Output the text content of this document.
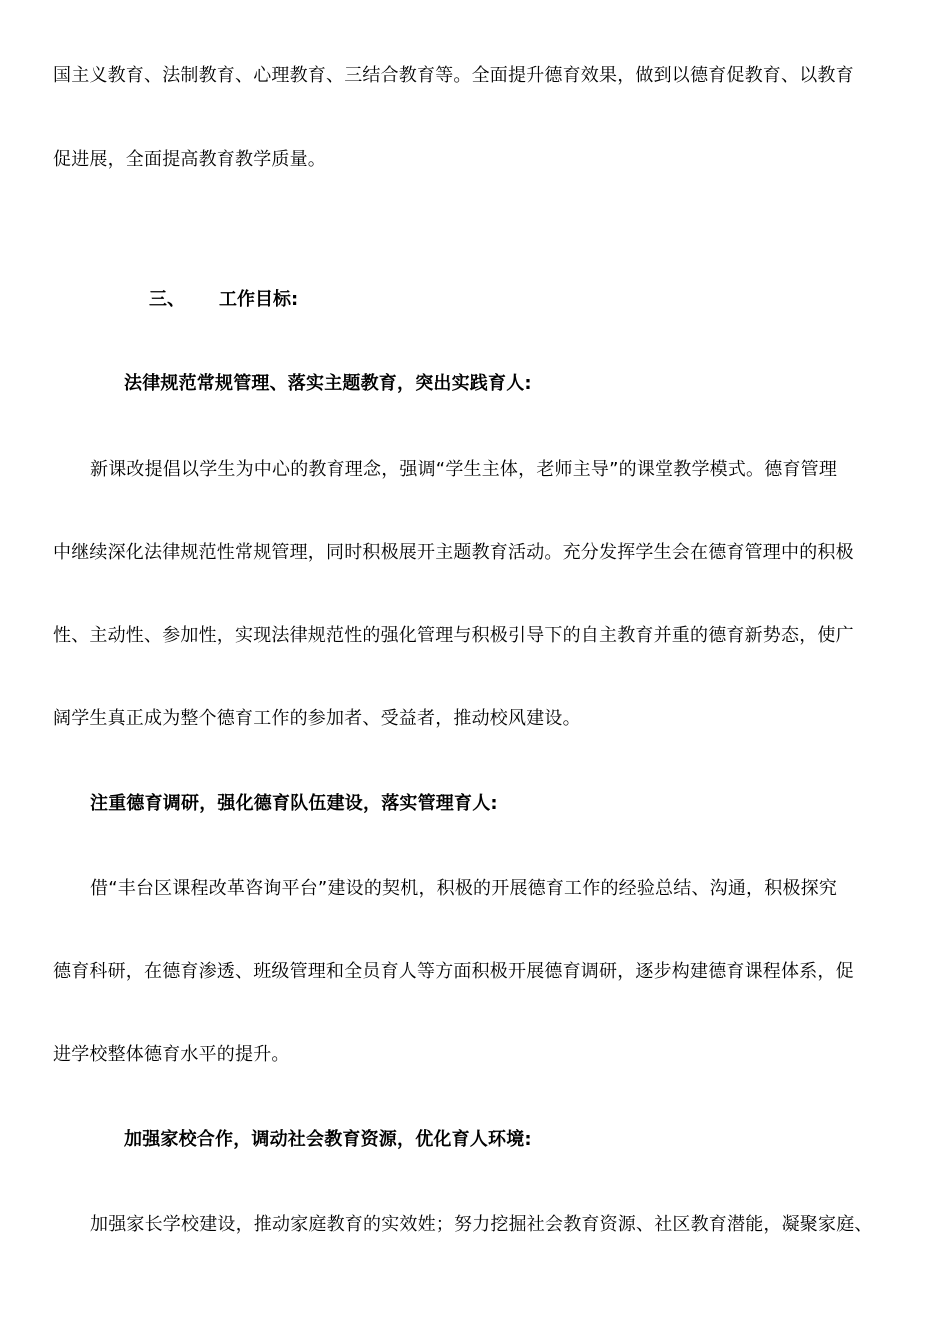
国主义教育、法制教育、心理教育、三结合教育等。全面提升德育效果，做到以德育促教育、以教育
促进展，全面提高教育教学质量。
三、 工作目标:
法律规范常规管理、落实主题教育，突出实践育人:
新课改提倡以学生为中心的教育理念，强调“学生主体，老师主导”的课堂教学模式。德育管理
中继续深化法律规范性常规管理，同时积极展开主题教育活动。充分发挥学生会在德育管理中的积极
性、主动性、参加性，实现法律规范性的强化管理与积极引导下的自主教育并重的德育新势态，使广
阔学生真正成为整个德育工作的参加者、受益者，推动校风建设。
注重德育调研，强化德育队伍建设，落实管理育人:
借“丰台区课程改革咨询平台”建设的契机，积极的开展德育工作的经验总结、沟通，积极探究
德育科研，在德育渗透、班级管理和全员育人等方面积极开展德育调研，逐步构建德育课程体系，促
进学校整体德育水平的提升。
加强家校合作，调动社会教育资源，优化育人环境:
加强家长学校建设，推动家庭教育的实效姓；努力挖掘社会教育资源、社区教育潜能，凝聚家庭、
